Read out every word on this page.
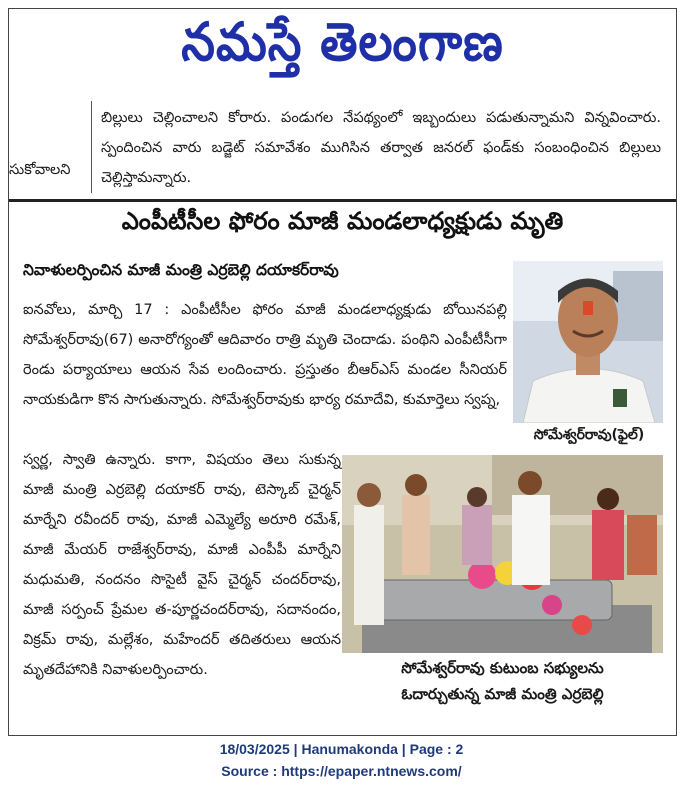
నమస్తే తెలంగాణ
సుకోవాలని
బిల్లులు చెల్లించాలని కోరారు. పండుగల నేపథ్యంలో ఇబ్బందులు పడుతున్నామని విన్నవించారు. స్పందించిన వారు బడ్జెట్ సమావేశం ముగిసిన తర్వాత జనరల్ ఫండ్‌కు సంబంధించిన బిల్లులు చెల్లిస్తామన్నారు.
ఎంపీటీసీల ఫోరం మాజీ మండలాధ్యక్షుడు మృతి
నివాళులర్పించిన మాజీ మంత్రి ఎర్రబెల్లి దయాకర్‌రావు

ఐనవోలు, మార్చి 17 : ఎంపీటీసీల ఫోరం మాజీ మండలాధ్యక్షుడు బోయినపల్లి సోమేశ్వర్‌రావు(67) అనారోగ్యంతో ఆదివారం రాత్రి మృతి చెందాడు. పంథిని ఎంపీటీసీగా రెండు పర్యాయాలు ఆయన సేవ లందించారు. ప్రస్తుతం బీఆర్‌ఎస్ మండల సీనియర్ నాయకుడిగా కొన సాగుతున్నారు. సోమేశ్వర్‌రావుకు భార్య రమాదేవి, కుమార్తెలు స్వప్న,

సోమేశ్వర్‌రావు(ఫైల్)

స్వర్ణ, స్వాతి ఉన్నారు. కాగా, విషయం తెలు సుకున్న మాజీ మంత్రి ఎర్రబెల్లి దయాకర్ రావు, టెస్కాబ్ చైర్మన్ మార్నేని రవీందర్ రావు, మాజీ ఎమ్మెల్యే అరూరి రమేశ్, మాజీ మేయర్ రాజేశ్వర్‌రావు, మాజీ ఎంపీపీ మార్నేని మధుమతి, నందనం సొసైటీ వైస్ చైర్మన్ చందర్‌రావు, మాజీ సర్పంచ్ ప్రేమల త-పూర్ణచందర్‌రావు, సదానందం, విక్రమ్ రావు, మల్లేశం, మహేందర్ తదితరులు ఆయన మృతదేహానికి నివాళులర్పించారు.	సోమేశ్వర్‌రావు కుటుంబ సభ్యులను
ఓదార్చుతున్న మాజీ మంత్రి ఎర్రబెల్లి
18/03/2025 | Hanumakonda | Page : 2
Source : https://epaper.ntnews.com/
